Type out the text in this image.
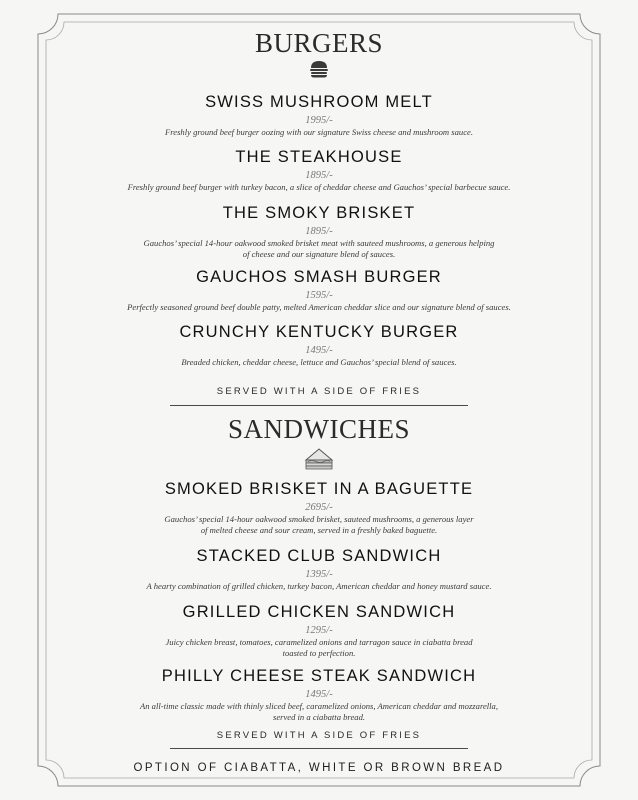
BURGERS
SWISS MUSHROOM MELT
1995/-
Freshly ground beef burger oozing with our signature Swiss cheese and mushroom sauce.
THE STEAKHOUSE
1895/-
Freshly ground beef burger with turkey bacon, a slice of cheddar cheese and Gauchos’ special barbecue sauce.
THE SMOKY BRISKET
1895/-
Gauchos’ special 14-hour oakwood smoked brisket meat with sauteed mushrooms, a generous helping
of cheese and our signature blend of sauces.
GAUCHOS SMASH BURGER
1595/-
Perfectly seasoned ground beef double patty, melted American cheddar slice and our signature blend of sauces.
CRUNCHY KENTUCKY BURGER
1495/-
Breaded chicken, cheddar cheese, lettuce and Gauchos’ special blend of sauces.
SERVED WITH A SIDE OF FRIES
SANDWICHES
SMOKED BRISKET IN A BAGUETTE
2695/-
Gauchos’ special 14-hour oakwood smoked brisket, sauteed mushrooms, a generous layer
of melted cheese and sour cream, served in a freshly baked baguette.
STACKED CLUB SANDWICH
1395/-
A hearty combination of grilled chicken, turkey bacon, American cheddar and honey mustard sauce.
GRILLED CHICKEN SANDWICH
1295/-
Juicy chicken breast, tomatoes, caramelized onions and tarragon sauce in ciabatta bread
toasted to perfection.
PHILLY CHEESE STEAK SANDWICH
1495/-
An all-time classic made with thinly sliced beef, caramelized onions, American cheddar and mozzarella,
served in a ciabatta bread.
SERVED WITH A SIDE OF FRIES
OPTION OF CIABATTA, WHITE OR BROWN BREAD
